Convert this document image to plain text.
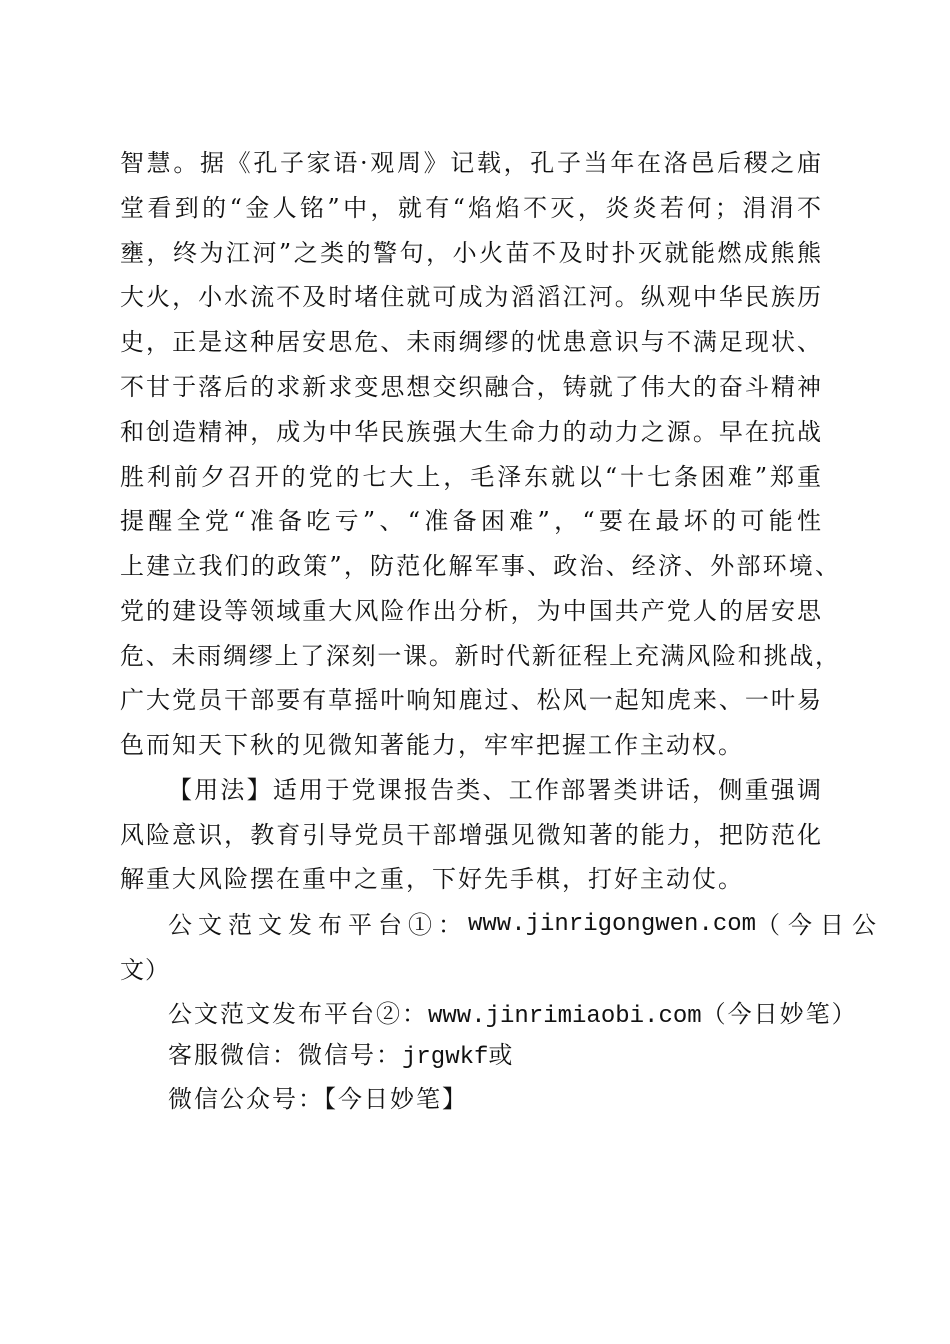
智慧。据《孔子家语·观周》记载，孔子当年在洛邑后稷之庙
堂看到的“金人铭”中，就有“焰焰不灭，炎炎若何；涓涓不
壅，终为江河”之类的警句，小火苗不及时扑灭就能燃成熊熊
大火，小水流不及时堵住就可成为滔滔江河。纵观中华民族历
史，正是这种居安思危、未雨绸缪的忧患意识与不满足现状、
不甘于落后的求新求变思想交织融合，铸就了伟大的奋斗精神
和创造精神，成为中华民族强大生命力的动力之源。早在抗战
胜利前夕召开的党的七大上，毛泽东就以“十七条困难”郑重
提醒全党“准备吃亏”、“准备困难”，“要在最坏的可能性
上建立我们的政策”，防范化解军事、政治、经济、外部环境、
党的建设等领域重大风险作出分析，为中国共产党人的居安思
危、未雨绸缪上了深刻一课。新时代新征程上充满风险和挑战，
广大党员干部要有草摇叶响知鹿过、松风一起知虎来、一叶易
色而知天下秋的见微知著能力，牢牢把握工作主动权。
【用法】适用于党课报告类、工作部署类讲话，侧重强调
风险意识，教育引导党员干部增强见微知著的能力，把防范化
解重大风险摆在重中之重，下好先手棋，打好主动仗。
公文范文发布平台①： www.jinrigongwen.com （今日公
文）
公文范文发布平台②：www.jinrimiaobi.com（今日妙笔）
客服微信：微信号：jrgwkf或
微信公众号：【今日妙笔】
